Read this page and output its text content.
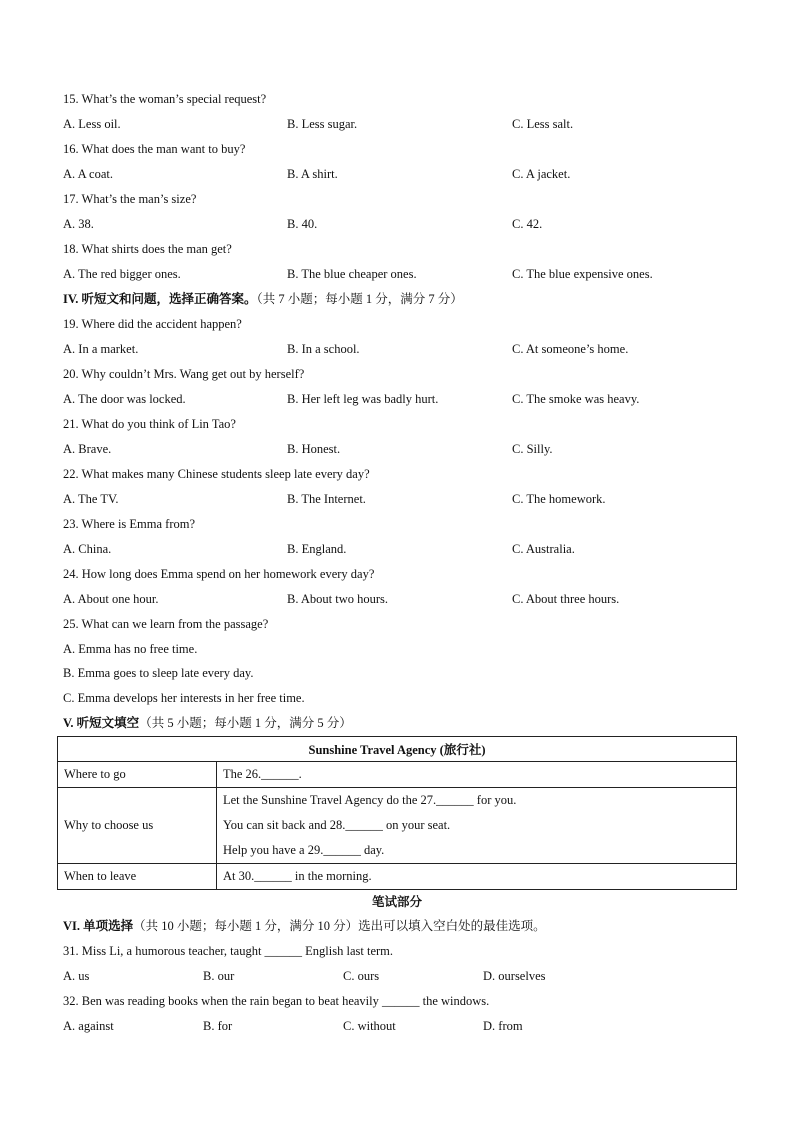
15. What’s the woman’s special request?
A. Less oil.	B. Less sugar.	C. Less salt.
16. What does the man want to buy?
A. A coat.	B. A shirt.	C. A jacket.
17. What’s the man’s size?
A. 38.	B. 40.	C. 42.
18. What shirts does the man get?
A. The red bigger ones.	B. The blue cheaper ones.	C. The blue expensive ones.
IV. 听短文和问题，选择正确答案。（共 7 小题；每小题 1 分，满分 7 分）
19. Where did the accident happen?
A. In a market.	B. In a school.	C. At someone’s home.
20. Why couldn’t Mrs. Wang get out by herself?
A. The door was locked.	B. Her left leg was badly hurt.	C. The smoke was heavy.
21. What do you think of Lin Tao?
A. Brave.	B. Honest.	C. Silly.
22. What makes many Chinese students sleep late every day?
A. The TV.	B. The Internet.	C. The homework.
23. Where is Emma from?
A. China.	B. England.	C. Australia.
24. How long does Emma spend on her homework every day?
A. About one hour.	B. About two hours.	C. About three hours.
25. What can we learn from the passage?
A. Emma has no free time.
B. Emma goes to sleep late every day.
C. Emma develops her interests in her free time.
V. 听短文填空（共 5 小题；每小题 1 分，满分 5 分）
Sunshine Travel Agency (旅行社)	
Where to go	The 26.______.

Why to choose us	Let the Sunshine Travel Agency do the 27.______ for you.
You can sit back and 28.______ on your seat.
Help you have a 29.______ day.

When to leave	At 30.______ in the morning.
笔试部分
VI. 单项选择（共 10 小题；每小题 1 分，满分 10 分）选出可以填入空白处的最佳选项。
31. Miss Li, a humorous teacher, taught ______ English last term.
A. us	B. our	C. ours	D. ourselves
32. Ben was reading books when the rain began to beat heavily ______ the windows.
A. against	B. for	C. without	D. from
